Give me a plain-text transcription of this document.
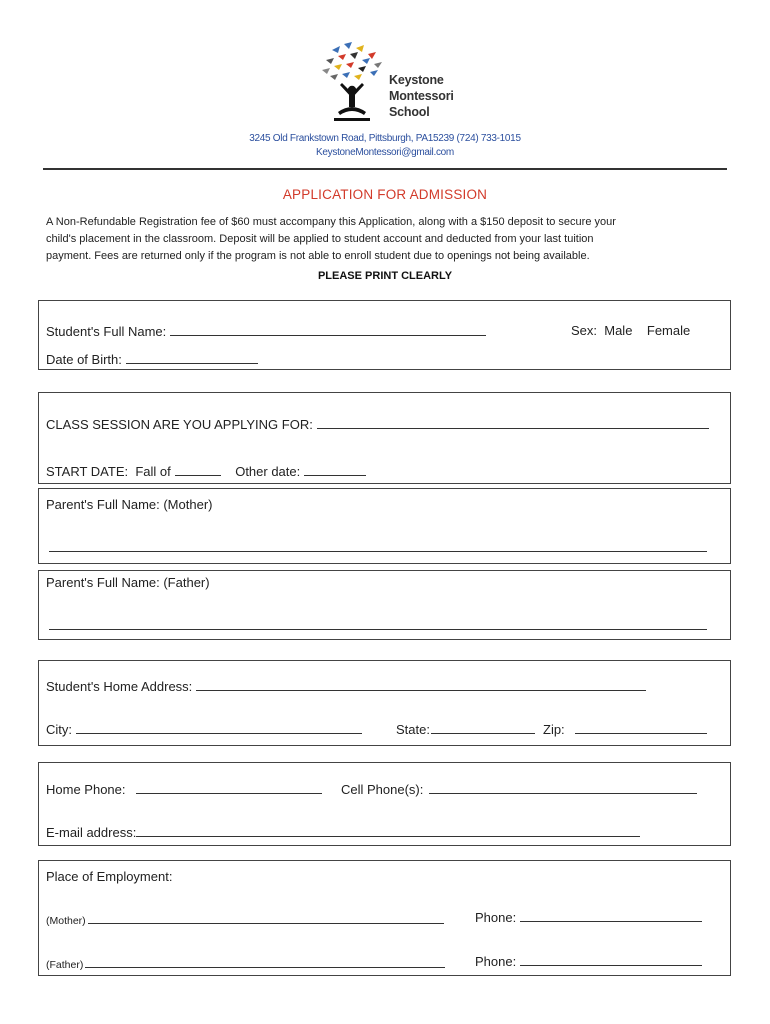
Keystone
Montessori
School
3245 Old Frankstown Road, Pittsburgh, PA15239 (724) 733-1015
KeystoneMontessori@gmail.com
APPLICATION FOR ADMISSION
A Non-Refundable Registration fee of $60 must accompany this Application, along with a $150 deposit to secure your
child's placement in the classroom. Deposit will be applied to student account and deducted from your last tuition
payment. Fees are returned only if the program is not able to enroll student due to openings not being available.
PLEASE PRINT CLEARLY
Student's Full Name:	Sex: Male Female
Date of Birth:
CLASS SESSION ARE YOU APPLYING FOR:
START DATE: Fall of	Other date:
Parent's Full Name: (Mother)
Parent's Full Name: (Father)
Student's Home Address:
City:	State:	Zip:
Home Phone:	Cell Phone(s):
E-mail address:
Place of Employment:
(Mother)	Phone:
(Father)	Phone:
